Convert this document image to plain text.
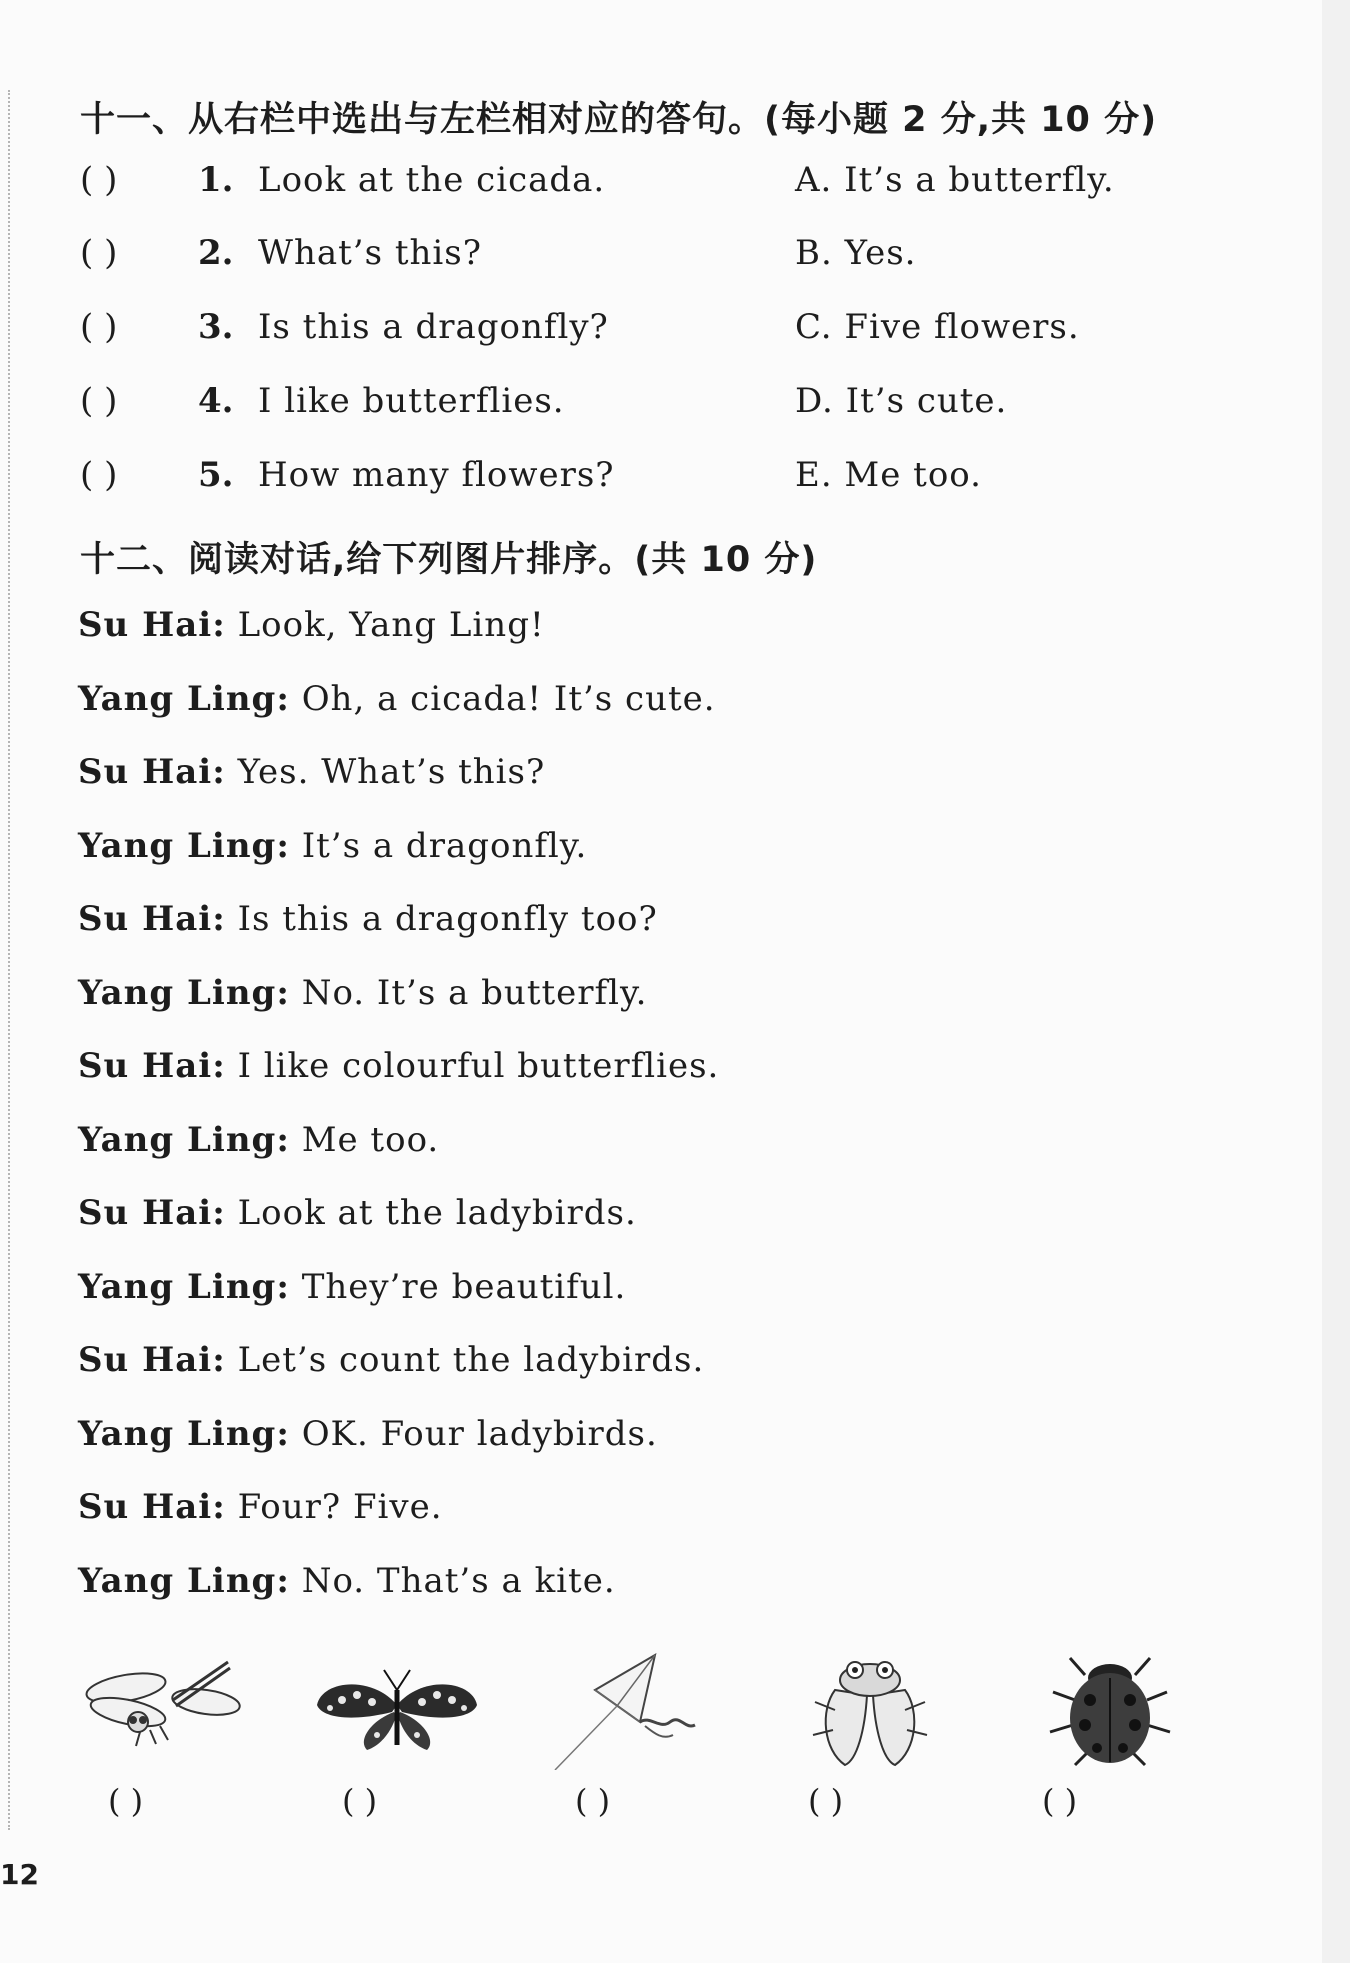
十一、从右栏中选出与左栏相对应的答句。(每小题 2 分,共 10 分)
( ) 1. Look at the cicada.	A. It’s a butterfly.
( ) 2. What’s this?	B. Yes.
( ) 3. Is this a dragonfly?	C. Five flowers.
( ) 4. I like butterflies.	D. It’s cute.
( ) 5. How many flowers?	E. Me too.
十二、阅读对话,给下列图片排序。(共 10 分)
Su Hai: Look, Yang Ling!
Yang Ling: Oh, a cicada! It’s cute.
Su Hai: Yes. What’s this?
Yang Ling: It’s a dragonfly.
Su Hai: Is this a dragonfly too?
Yang Ling: No. It’s a butterfly.
Su Hai: I like colourful butterflies.
Yang Ling: Me too.
Su Hai: Look at the ladybirds.
Yang Ling: They’re beautiful.
Su Hai: Let’s count the ladybirds.
Yang Ling: OK. Four ladybirds.
Su Hai: Four? Five.
Yang Ling: No. That’s a kite.
( )	( )	( )	( )	( )
12
